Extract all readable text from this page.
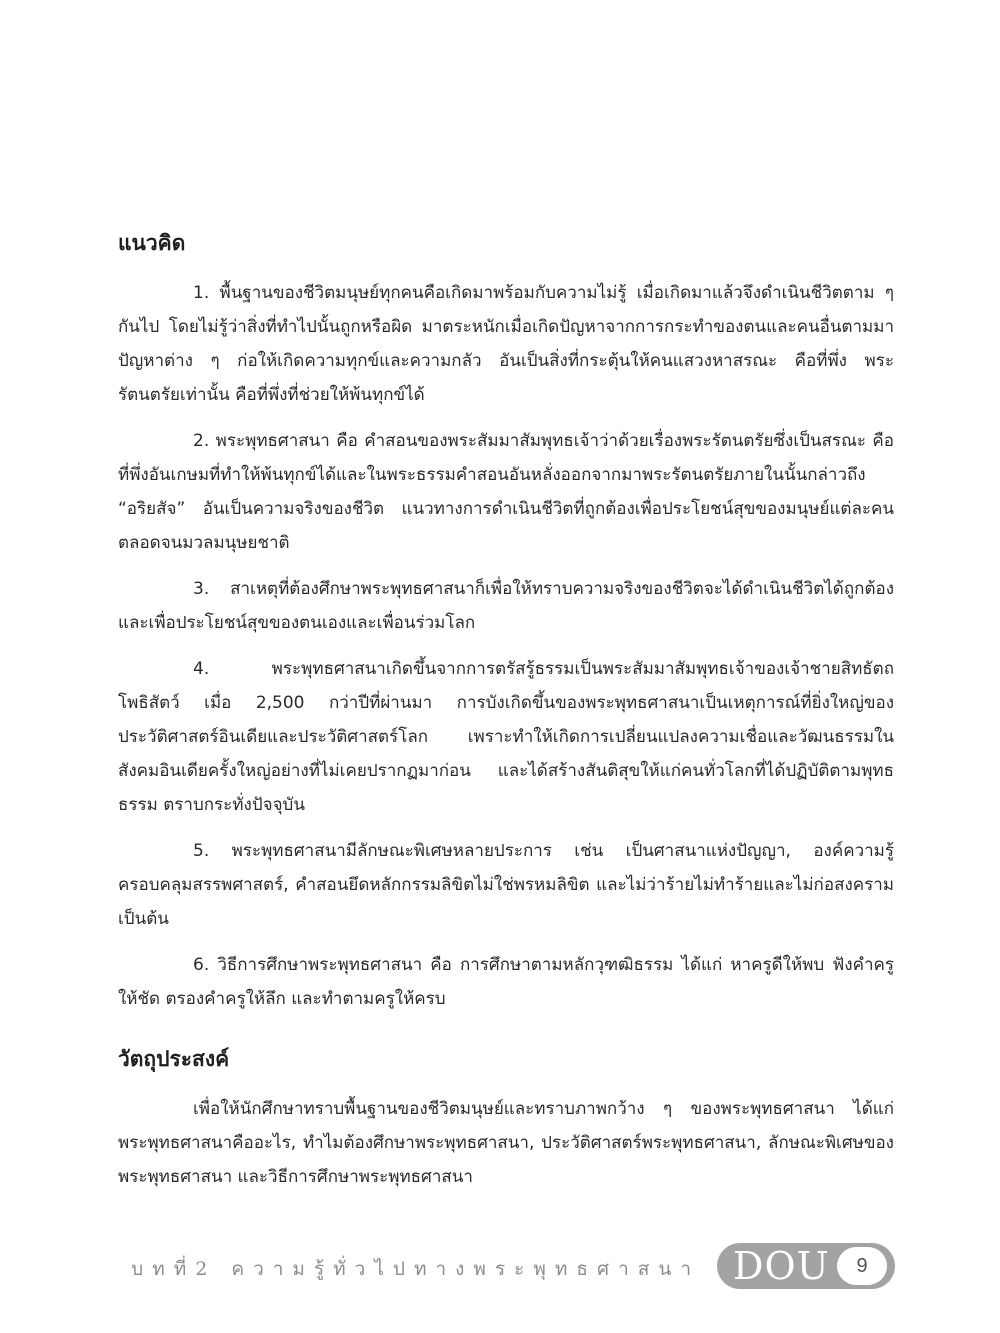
แนวคิด

1. พื้นฐานของชีวิตมนุษย์ทุกคนคือเกิดมาพร้อมกับความไม่รู้ เมื่อเกิดมาแล้วจึงดำเนินชีวิตตาม ๆ กันไป โดยไม่รู้ว่าสิ่งที่ทำไปนั้นถูกหรือผิด มาตระหนักเมื่อเกิดปัญหาจากการกระทำของตนและคนอื่นตามมา ปัญหาต่าง ๆ ก่อให้เกิดความทุกข์และความกลัว อันเป็นสิ่งที่กระตุ้นให้คนแสวงหาสรณะ คือที่พึ่ง พระรัตนตรัยเท่านั้น คือที่พึ่งที่ช่วยให้พ้นทุกข์ได้

2. พระพุทธศาสนา คือ คำสอนของพระสัมมาสัมพุทธเจ้าว่าด้วยเรื่องพระรัตนตรัยซึ่งเป็นสรณะ คือที่พึ่งอันเกษมที่ทำให้พ้นทุกข์ได้และในพระธรรมคำสอนอันหลั่งออกจากมาพระรัตนตรัยภายในนั้นกล่าวถึง “อริยสัจ” อันเป็นความจริงของชีวิต แนวทางการดำเนินชีวิตที่ถูกต้องเพื่อประโยชน์สุขของมนุษย์แต่ละคนตลอดจนมวลมนุษยชาติ

3. สาเหตุที่ต้องศึกษาพระพุทธศาสนาก็เพื่อให้ทราบความจริงของชีวิตจะได้ดำเนินชีวิตได้ถูกต้องและเพื่อประโยชน์สุขของตนเองและเพื่อนร่วมโลก

4. พระพุทธศาสนาเกิดขึ้นจากการตรัสรู้ธรรมเป็นพระสัมมาสัมพุทธเจ้าของเจ้าชายสิทธัตถโพธิสัตว์ เมื่อ 2,500 กว่าปีที่ผ่านมา การบังเกิดขึ้นของพระพุทธศาสนาเป็นเหตุการณ์ที่ยิ่งใหญ่ของประวัติศาสตร์อินเดียและประวัติศาสตร์โลก เพราะทำให้เกิดการเปลี่ยนแปลงความเชื่อและวัฒนธรรมในสังคมอินเดียครั้งใหญ่อย่างที่ไม่เคยปรากฏมาก่อน และได้สร้างสันติสุขให้แก่คนทั่วโลกที่ได้ปฏิบัติตามพุทธธรรม ตราบกระทั่งปัจจุบัน

5. พระพุทธศาสนามีลักษณะพิเศษหลายประการ เช่น เป็นศาสนาแห่งปัญญา, องค์ความรู้ครอบคลุมสรรพศาสตร์, คำสอนยึดหลักกรรมลิขิตไม่ใช่พรหมลิขิต และไม่ว่าร้ายไม่ทำร้ายและไม่ก่อสงครามเป็นต้น

6. วิธีการศึกษาพระพุทธศาสนา คือ การศึกษาตามหลักวุฑฒิธรรม ได้แก่ หาครูดีให้พบ ฟังคำครูให้ชัด ตรองคำครูให้ลึก และทำตามครูให้ครบ

วัตถุประสงค์

เพื่อให้นักศึกษาทราบพื้นฐานของชีวิตมนุษย์และทราบภาพกว้าง ๆ ของพระพุทธศาสนา ได้แก่ พระพุทธศาสนาคืออะไร, ทำไมต้องศึกษาพระพุทธศาสนา, ประวัติศาสตร์พระพุทธศาสนา, ลักษณะพิเศษของพระพุทธศาสนา และวิธีการศึกษาพระพุทธศาสนา

บทที่2 ความรู้ทั่วไปทางพระพุทธศาสนา DOU	9
